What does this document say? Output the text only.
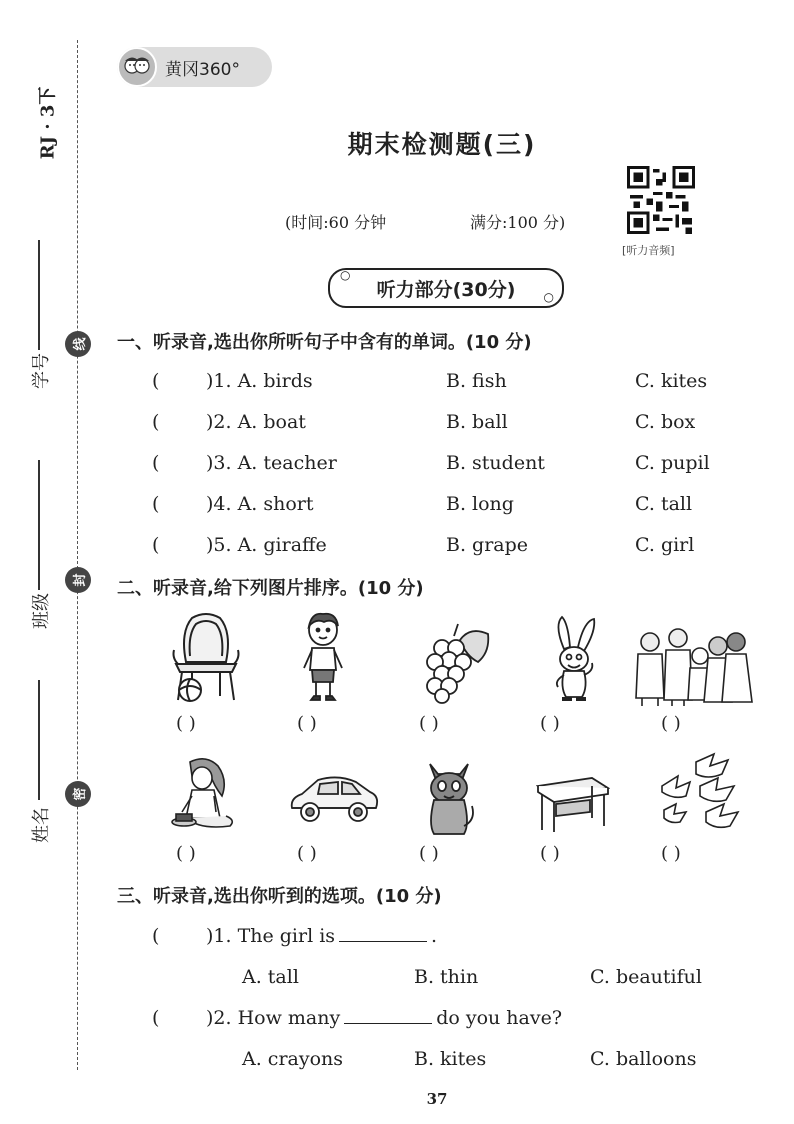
RJ · 3下
学号
班级
姓名
线
封
密
黄冈360°
期末检测题(三)
(时间:60 分钟	满分:100 分)
[听力音频]
○
听力部分(30分) ○
一、听录音,选出你所听句子中含有的单词。(10 分)
( )1. A. birds	B. fish	C. kites
( )2. A. boat	B. ball	C. box
( )3. A. teacher	B. student	C. pupil
( )4. A. short	B. long	C. tall
( )5. A. giraffe	B. grape	C. girl
二、听录音,给下列图片排序。(10 分)
( )	( )	( )	( )	( )
( )	( )	( )	( )	( )
三、听录音,选出你听到的选项。(10 分)
( )1. The girl is	.
A. tall	B. thin	C. beautiful
( )2. How many	do you have?
A. crayons	B. kites	C. balloons
37
